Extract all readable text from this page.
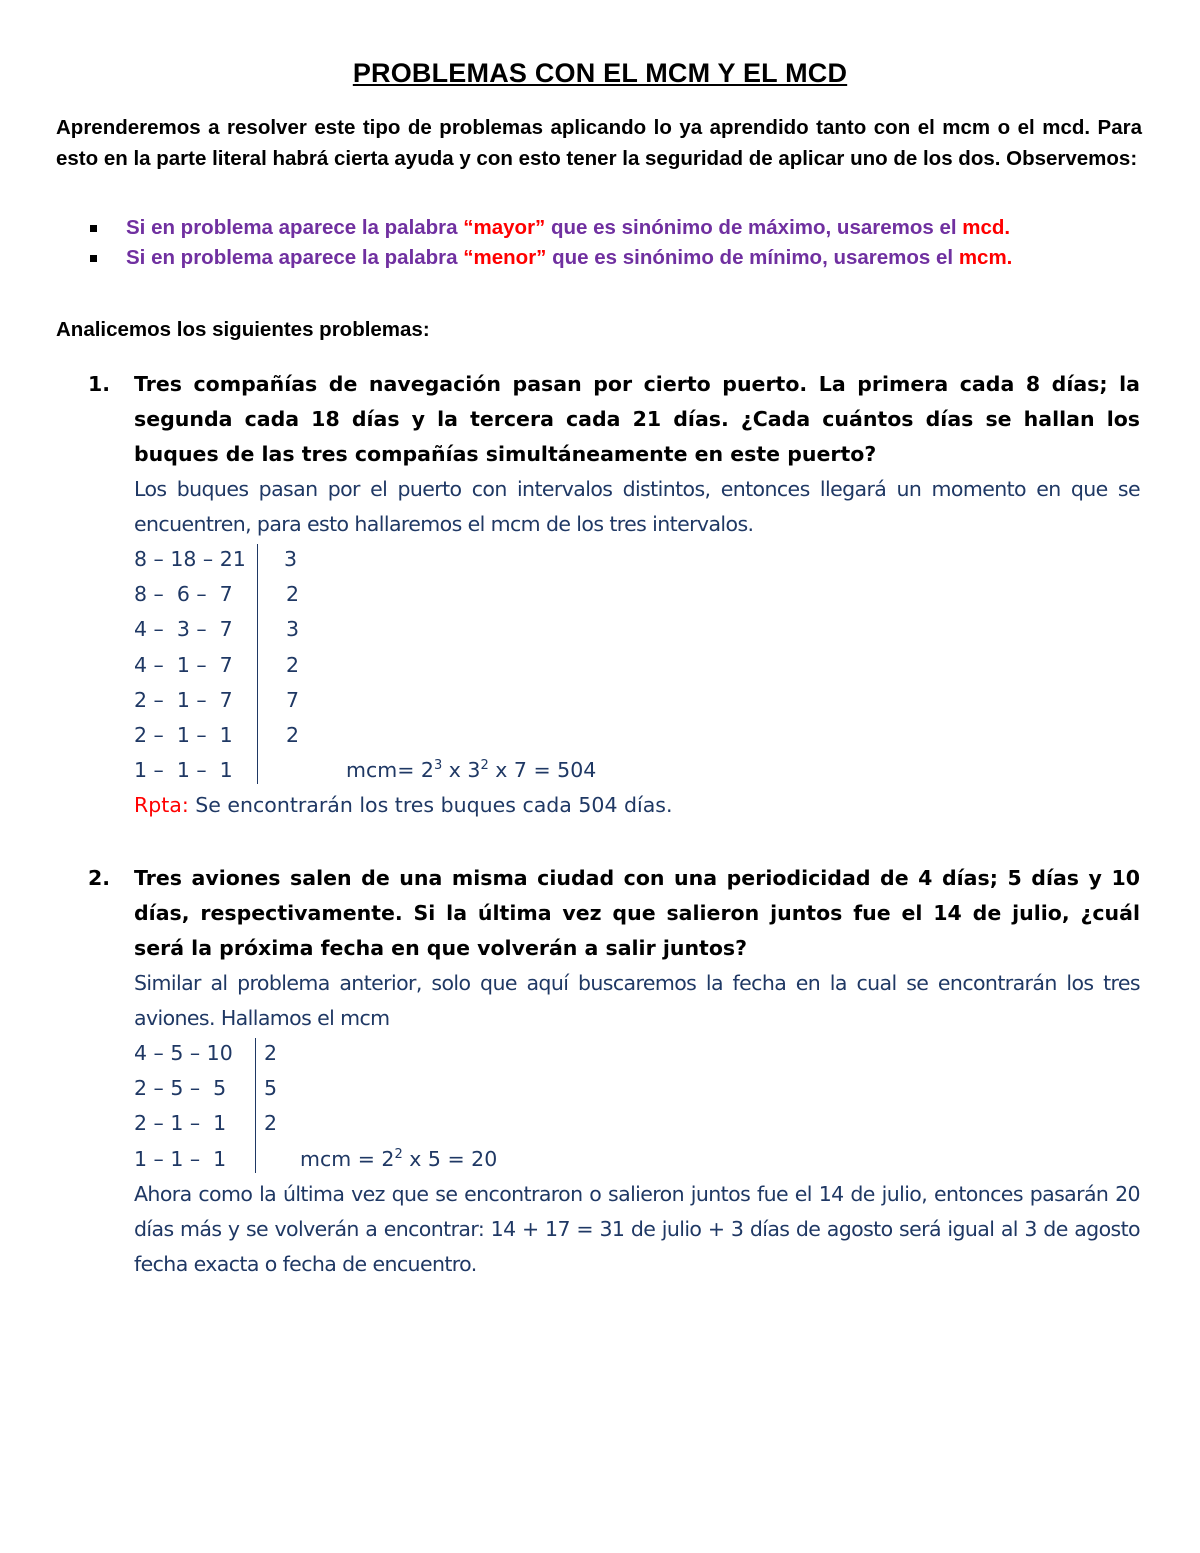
PROBLEMAS CON EL MCM Y EL MCD
Aprenderemos a resolver este tipo de problemas aplicando lo ya aprendido tanto con el mcm o el mcd. Para esto en la parte literal habrá cierta ayuda y con esto tener la seguridad de aplicar uno de los dos. Observemos:
Si en problema aparece la palabra “mayor” que es sinónimo de máximo, usaremos el mcd.
Si en problema aparece la palabra “menor” que es sinónimo de mínimo, usaremos el mcm.
Analicemos los siguientes problemas:
1. Tres compañías de navegación pasan por cierto puerto. La primera cada 8 días; la segunda cada 18 días y la tercera cada 21 días. ¿Cada cuántos días se hallan los buques de las tres compañías simultáneamente en este puerto?
Los buques pasan por el puerto con intervalos distintos, entonces llegará un momento en que se encuentren, para esto hallaremos el mcm de los tres intervalos.
8 – 18 – 21 3
8 –  6 –  7	2
4 –  3 –  7	3
4 –  1 –  7	2
2 –  1 –  7	7
2 –  1 –  1	2
1 –  1 –  1

	$mcm= 2^3$ x $3^2$ x 7 = 504

Rpta: Se encontrarán los tres buques cada 504 días.
2. Tres aviones salen de una misma ciudad con una periodicidad de 4 días; 5 días y 10 días, respectivamente. Si la última vez que salieron juntos fue el 14 de julio, ¿cuál será la próxima fecha en que volverán a salir juntos?
Similar al problema anterior, solo que aquí buscaremos la fecha en la cual se encontrarán los tres aviones. Hallamos el mcm
4 – 5 – 10 2
2 – 5 –  5 5
2 – 1 –  1 2
1 – 1 –  1

	mcm = $2^2$ x 5 = 20

Ahora como la última vez que se encontraron o salieron juntos fue el 14 de julio, entonces pasarán 20 días más y se volverán a encontrar: 14 + 17 = 31 de julio + 3 días de agosto será igual al 3 de agosto fecha exacta o fecha de encuentro.
